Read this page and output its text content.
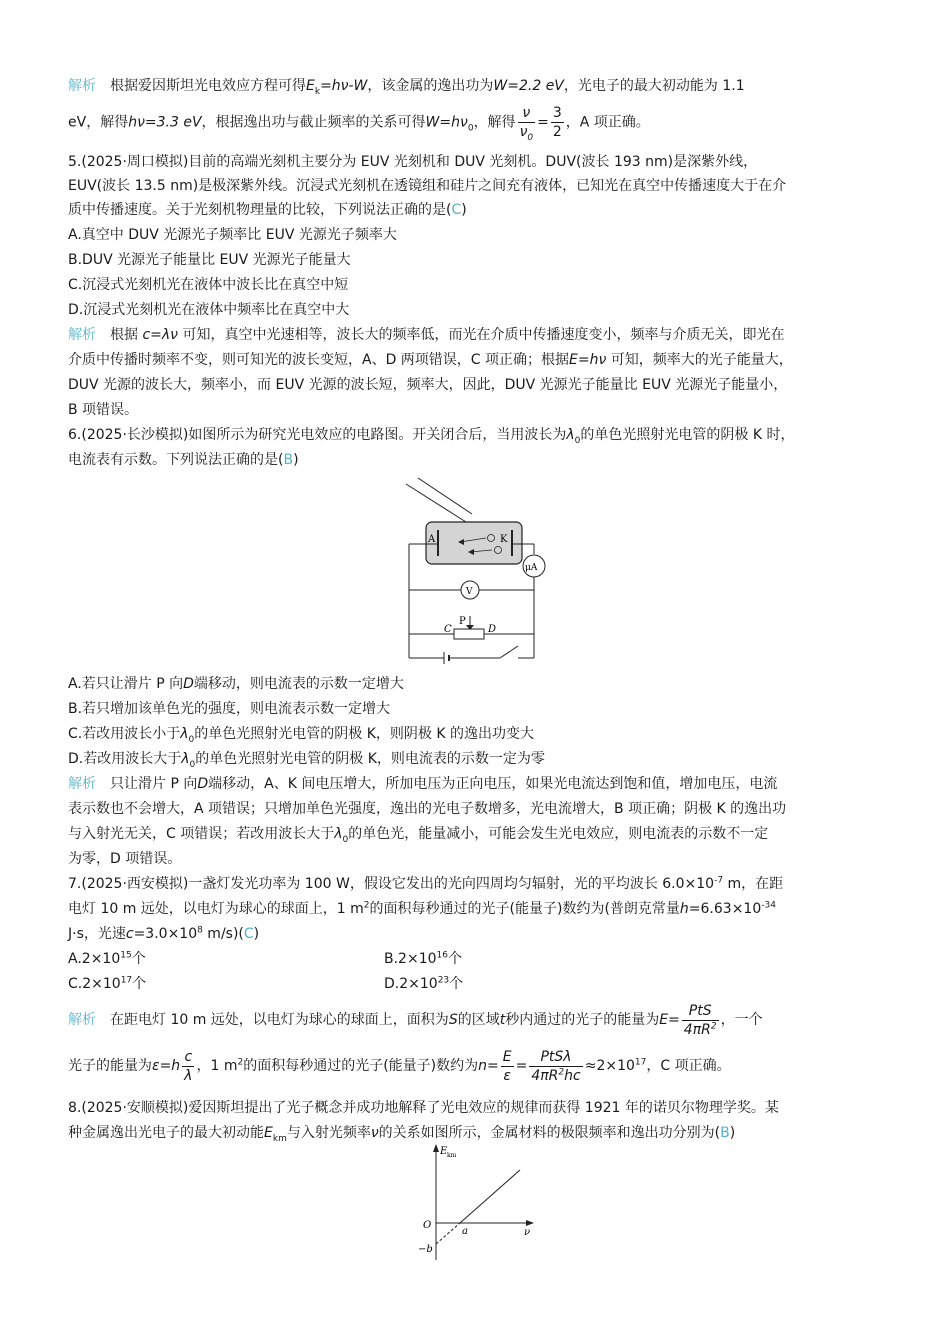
解析 根据爱因斯坦光电效应方程可得$E_k=h\nu-W$，该金属的逸出功为W=2.2 eV，光电子的最大初动能为 1.1
eV，解得hν=3.3 eV，根据逸出功与截止频率的关系可得$W=h\nu_0$，解得 $\frac{\nu}{\nu_0} = \frac{3}{2}$ ，A 项正确。
5.(2025·周口模拟)目前的高端光刻机主要分为 EUV 光刻机和 DUV 光刻机。DUV(波长 193 nm)是深紫外线，
EUV(波长 13.5 nm)是极深紫外线。沉浸式光刻机在透镜组和硅片之间充有液体，已知光在真空中传播速度大于在介
质中传播速度。关于光刻机物理量的比较，下列说法正确的是(C)
A.真空中 DUV 光源光子频率比 EUV 光源光子频率大
B.DUV 光源光子能量比 EUV 光源光子能量大
C.沉浸式光刻机光在液体中波长比在真空中短
D.沉浸式光刻机光在液体中频率比在真空中大
解析 根据 c=λν 可知，真空中光速相等，波长大的频率低，而光在介质中传播速度变小，频率与介质无关，即光在
介质中传播时频率不变，则可知光的波长变短，A、D 两项错误，C 项正确；根据E=hν 可知，频率大的光子能量大，
DUV 光源的波长大，频率小，而 EUV 光源的波长短，频率大，因此，DUV 光源光子能量比 EUV 光源光子能量小，
B 项错误。
6.(2025·长沙模拟)如图所示为研究光电效应的电路图。开关闭合后，当用波长为$\lambda_0$的单色光照射光电管的阴极 K 时，
电流表有示数。下列说法正确的是(B)
A	K
μA
V
P
C	D
A.若只让滑片 P 向D端移动，则电流表的示数一定增大
B.若只增加该单色光的强度，则电流表示数一定增大
C.若改用波长小于$\lambda_0$的单色光照射光电管的阴极 K，则阴极 K 的逸出功变大
D.若改用波长大于$\lambda_0$的单色光照射光电管的阴极 K，则电流表的示数一定为零
解析 只让滑片 P 向D端移动，A、K 间电压增大，所加电压为正向电压，如果光电流达到饱和值，增加电压，电流
表示数也不会增大，A 项错误；只增加单色光强度，逸出的光电子数增多，光电流增大，B 项正确；阴极 K 的逸出功
与入射光无关，C 项错误；若改用波长大于$\lambda_0$的单色光，能量减小，可能会发生光电效应，则电流表的示数不一定
为零，D 项错误。
7.(2025·西安模拟)一盏灯发光功率为 100 W，假设它发出的光向四周均匀辐射，光的平均波长 $6.0\times 10^{-7}$ m，在距
电灯 10 m 远处，以电灯为球心的球面上，1 $m^2$的面积每秒通过的光子(能量子)数约为(普朗克常量$h=6.63\times 10^{-34}$
J·s，光速$c=3.0\times 10^8$ m/s)(C)
$A.2\times 10^{15}$个	$B.2\times 10^{16}$个
$C.2\times 10^{17}$个	$D.2\times 10^{23}$个
解析 在距电灯 10 m 远处，以电灯为球心的球面上，面积为S的区域t秒内通过的光子的能量为$E= \frac{\text{PtS}}{4\pi R^2}$ ，一个
光子的能量为$\varepsilon=h \frac{c}{\lambda}$ ，1 $m^2$的面积每秒通过的光子(能量子)数约为$n= \frac{E}{\varepsilon} = \frac{\text{PtSλ}}{4\pi R^2hc} \approx 2\times 10^{17}$，C 项正确。
8.(2025·安顺模拟)爱因斯坦提出了光子概念并成功地解释了光电效应的规律而获得 1921 年的诺贝尔物理学奖。某
种金属逸出光电子的最大初动能$E_{km}$与入射光频率ν的关系如图所示，金属材料的极限频率和逸出功分别为(B)
E km
O
a	ν
−b
